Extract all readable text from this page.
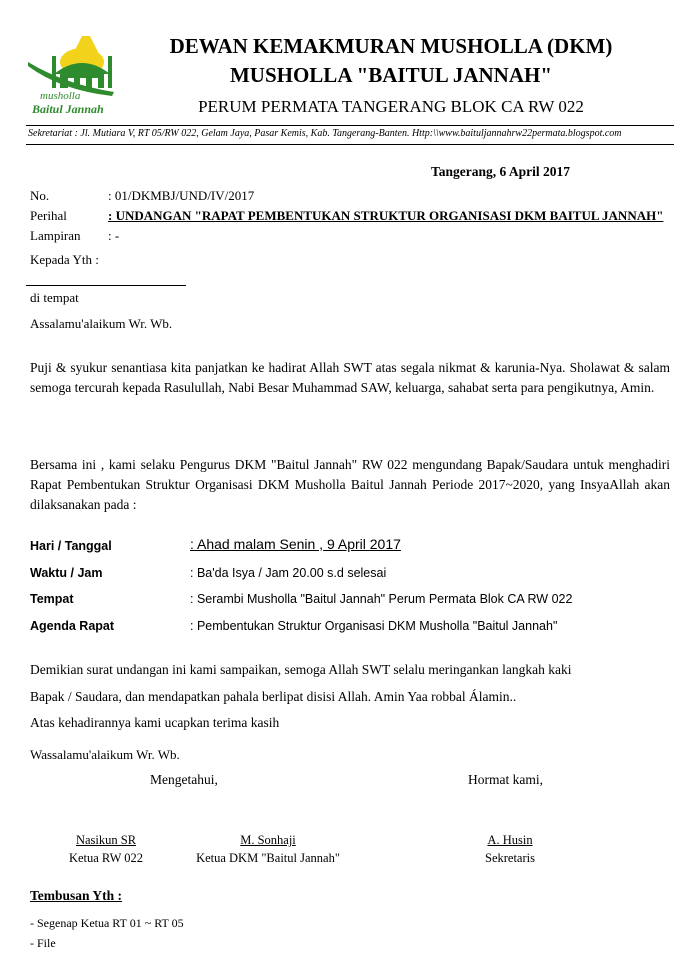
musholla
Baitul Jannah
DEWAN KEMAKMURAN MUSHOLLA (DKM)
MUSHOLLA "BAITUL JANNAH"
PERUM PERMATA TANGERANG BLOK CA RW 022
Sekretariat : Jl. Mutiara V, RT 05/RW 022, Gelam Jaya, Pasar Kemis, Kab. Tangerang-Banten. Http:\\www.baituljannahrw22permata.blogspot.com
Tangerang, 6 April 2017
No.	: 01/DKMBJ/UND/IV/2017
Perihal	: UNDANGAN "RAPAT PEMBENTUKAN STRUKTUR ORGANISASI DKM BAITUL JANNAH"
Lampiran : -
Kepada Yth :
di tempat
Assalamu'alaikum Wr. Wb.
Puji & syukur senantiasa kita panjatkan ke hadirat Allah SWT atas segala nikmat & karunia-Nya. Sholawat & salam semoga tercurah kepada Rasulullah, Nabi Besar Muhammad SAW, keluarga, sahabat serta para pengikutnya, Amin.
Bersama ini , kami selaku Pengurus DKM "Baitul Jannah" RW 022 mengundang Bapak/Saudara untuk menghadiri Rapat Pembentukan Struktur Organisasi DKM Musholla Baitul Jannah Periode 2017~2020, yang InsyaAllah akan dilaksanakan pada :
Hari / Tanggal	: Ahad malam Senin , 9 April 2017
Waktu / Jam	: Ba'da Isya / Jam 20.00 s.d selesai
Tempat	: Serambi Musholla "Baitul Jannah" Perum Permata Blok CA RW 022
Agenda Rapat	: Pembentukan Struktur Organisasi DKM Musholla "Baitul Jannah"
Demikian surat undangan ini kami sampaikan, semoga Allah SWT selalu meringankan langkah kaki
Bapak / Saudara, dan mendapatkan pahala berlipat disisi Allah. Amin Yaa robbal Álamin..
Atas kehadirannya kami ucapkan terima kasih
Wassalamu'alaikum Wr. Wb.
Mengetahui,	Hormat kami,
Nasikun SR
Ketua RW 022
M. Sonhaji
Ketua DKM "Baitul Jannah"
A. Husin
Sekretaris
Tembusan Yth :
- Segenap Ketua RT 01 ~ RT 05
- File
